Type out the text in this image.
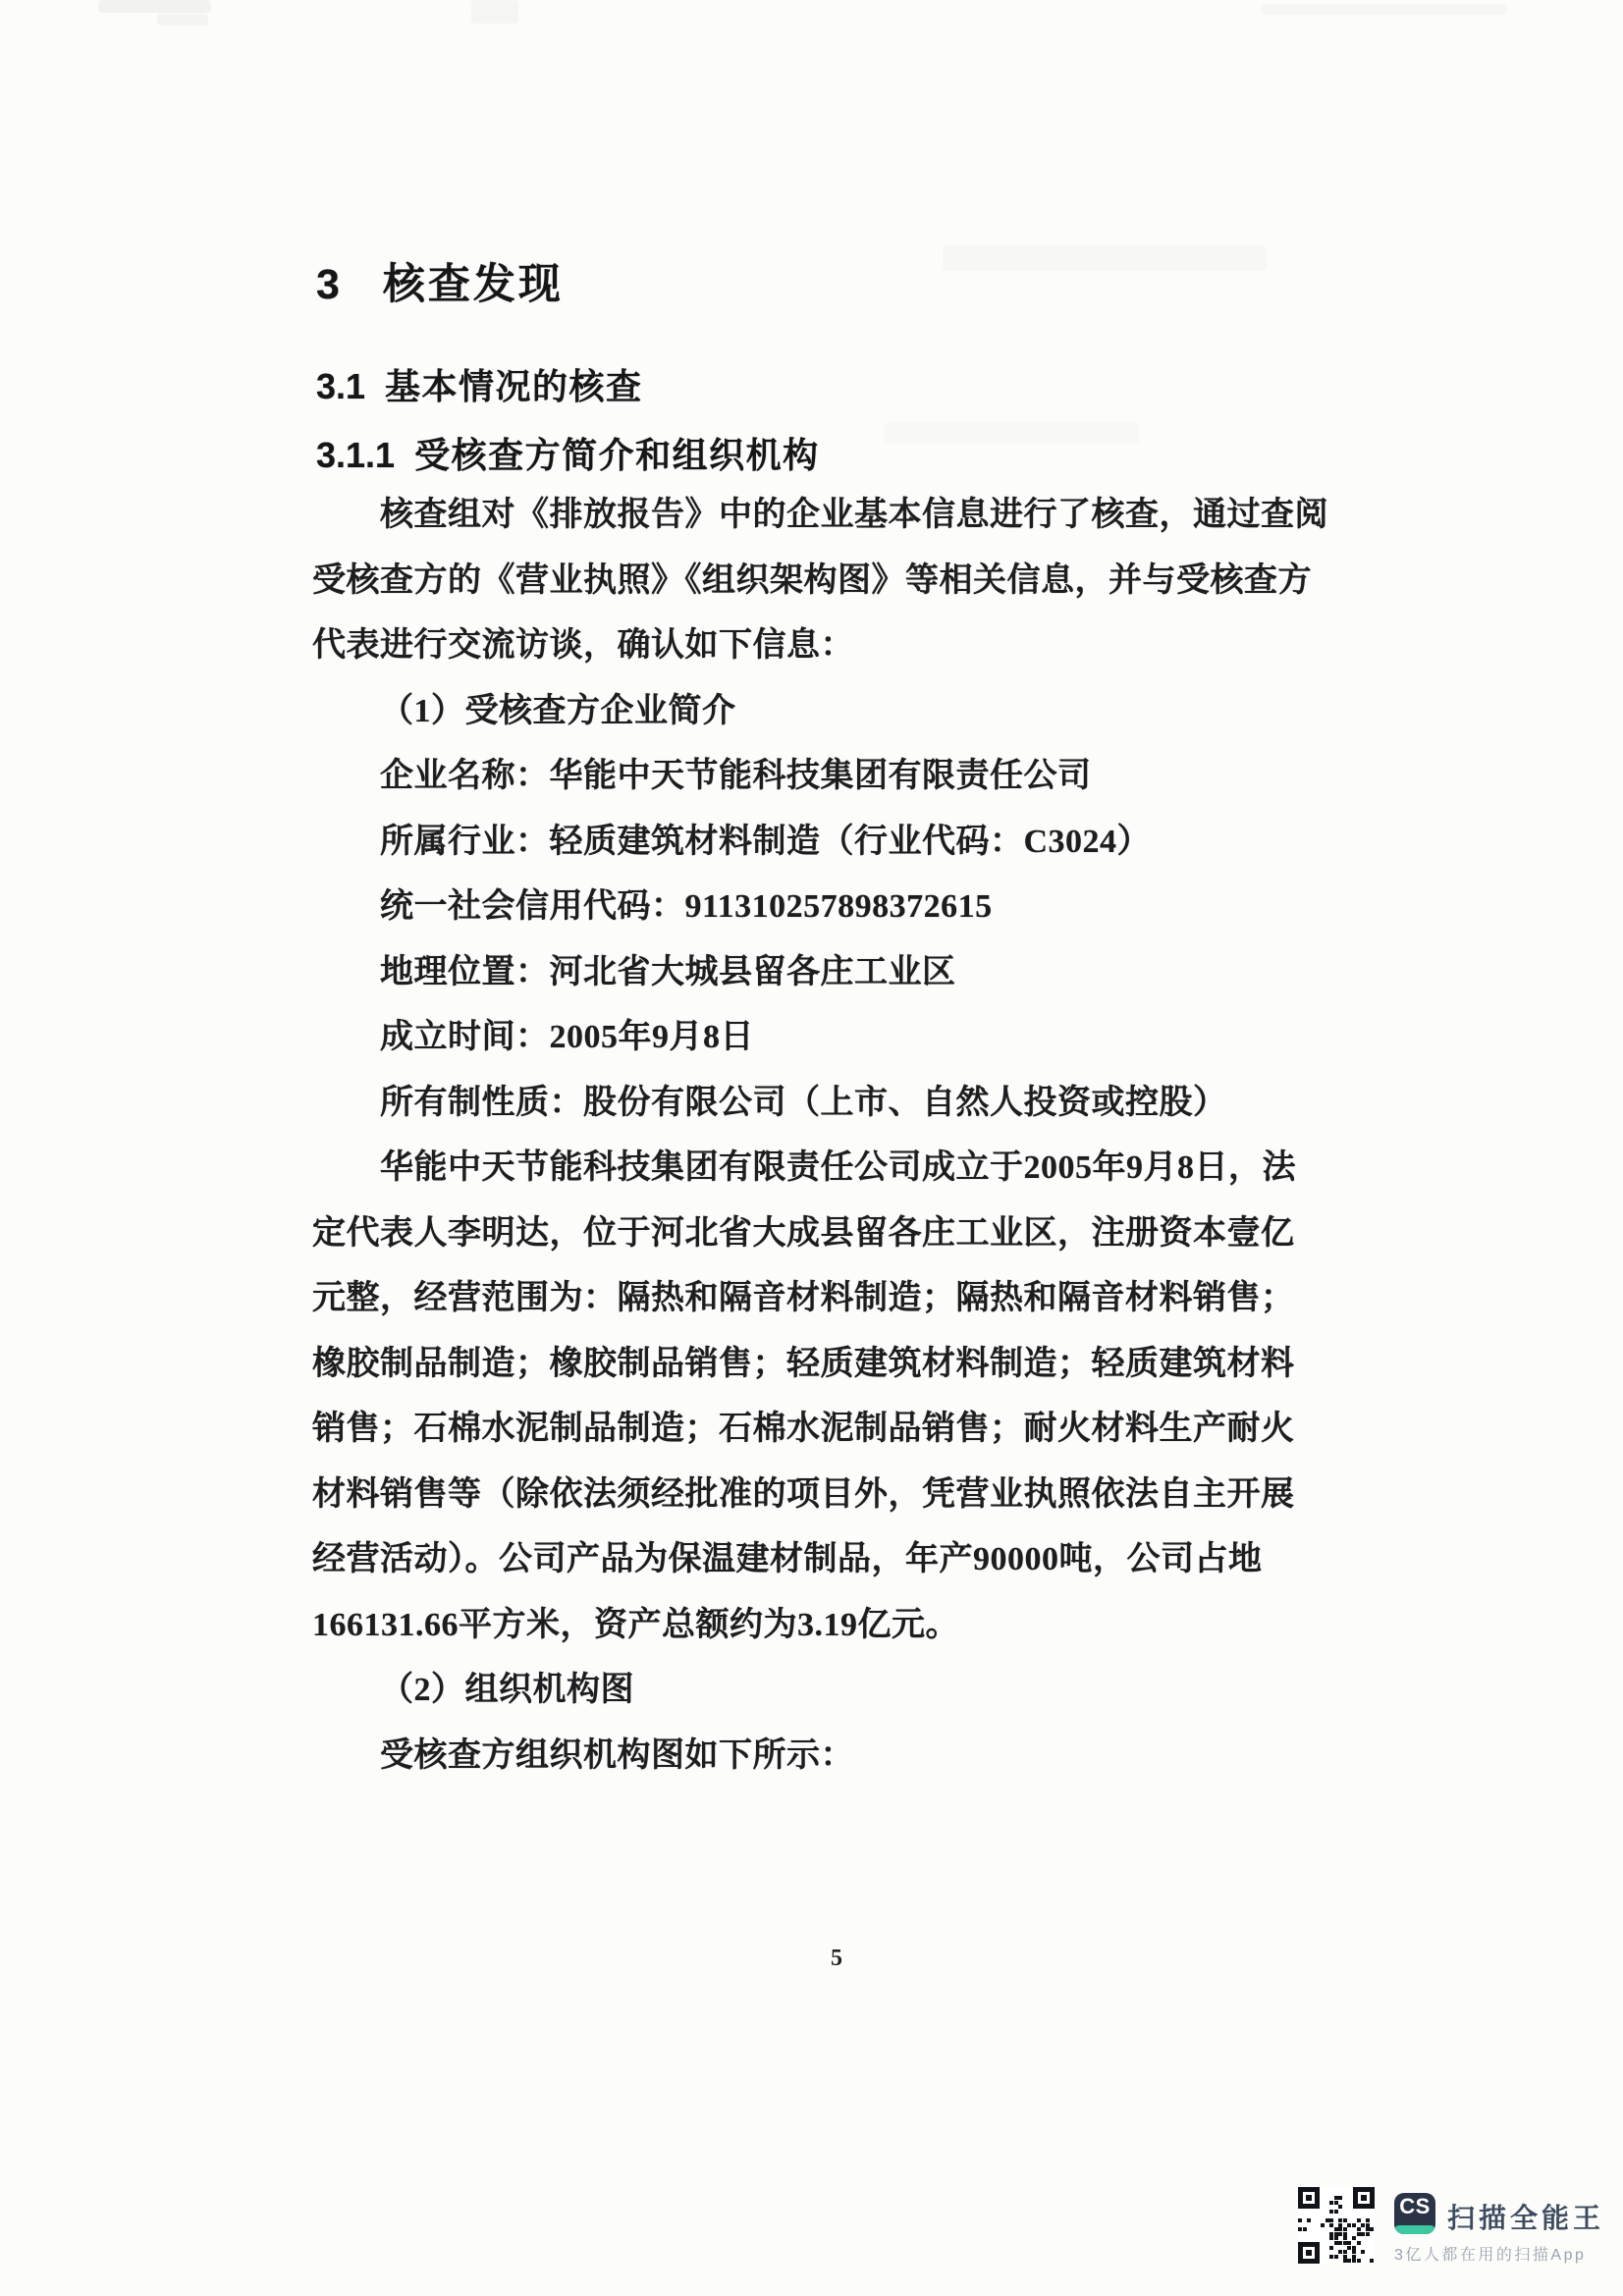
3 核查发现
3.1 基本情况的核查
3.1.1 受核查方简介和组织机构
核查组对《排放报告》中的企业基本信息进行了核查，通过查阅
受核查方的《营业执照》《组织架构图》等相关信息，并与受核查方
代表进行交流访谈，确认如下信息：
（1）受核查方企业简介
企业名称：华能中天节能科技集团有限责任公司
所属行业：轻质建筑材料制造（行业代码：C3024）
统一社会信用代码：911310257898372615
地理位置：河北省大城县留各庄工业区
成立时间：2005年9月8日
所有制性质：股份有限公司（上市、自然人投资或控股）
华能中天节能科技集团有限责任公司成立于2005年9月8日，法
定代表人李明达，位于河北省大成县留各庄工业区，注册资本壹亿
元整，经营范围为：隔热和隔音材料制造；隔热和隔音材料销售；
橡胶制品制造；橡胶制品销售；轻质建筑材料制造；轻质建筑材料
销售；石棉水泥制品制造；石棉水泥制品销售；耐火材料生产耐火
材料销售等（除依法须经批准的项目外，凭营业执照依法自主开展
经营活动）。公司产品为保温建材制品，年产90000吨，公司占地
166131.66平方米，资产总额约为3.19亿元。
（2）组织机构图
受核查方组织机构图如下所示：
5
CS 扫描全能王
3亿人都在用的扫描App
